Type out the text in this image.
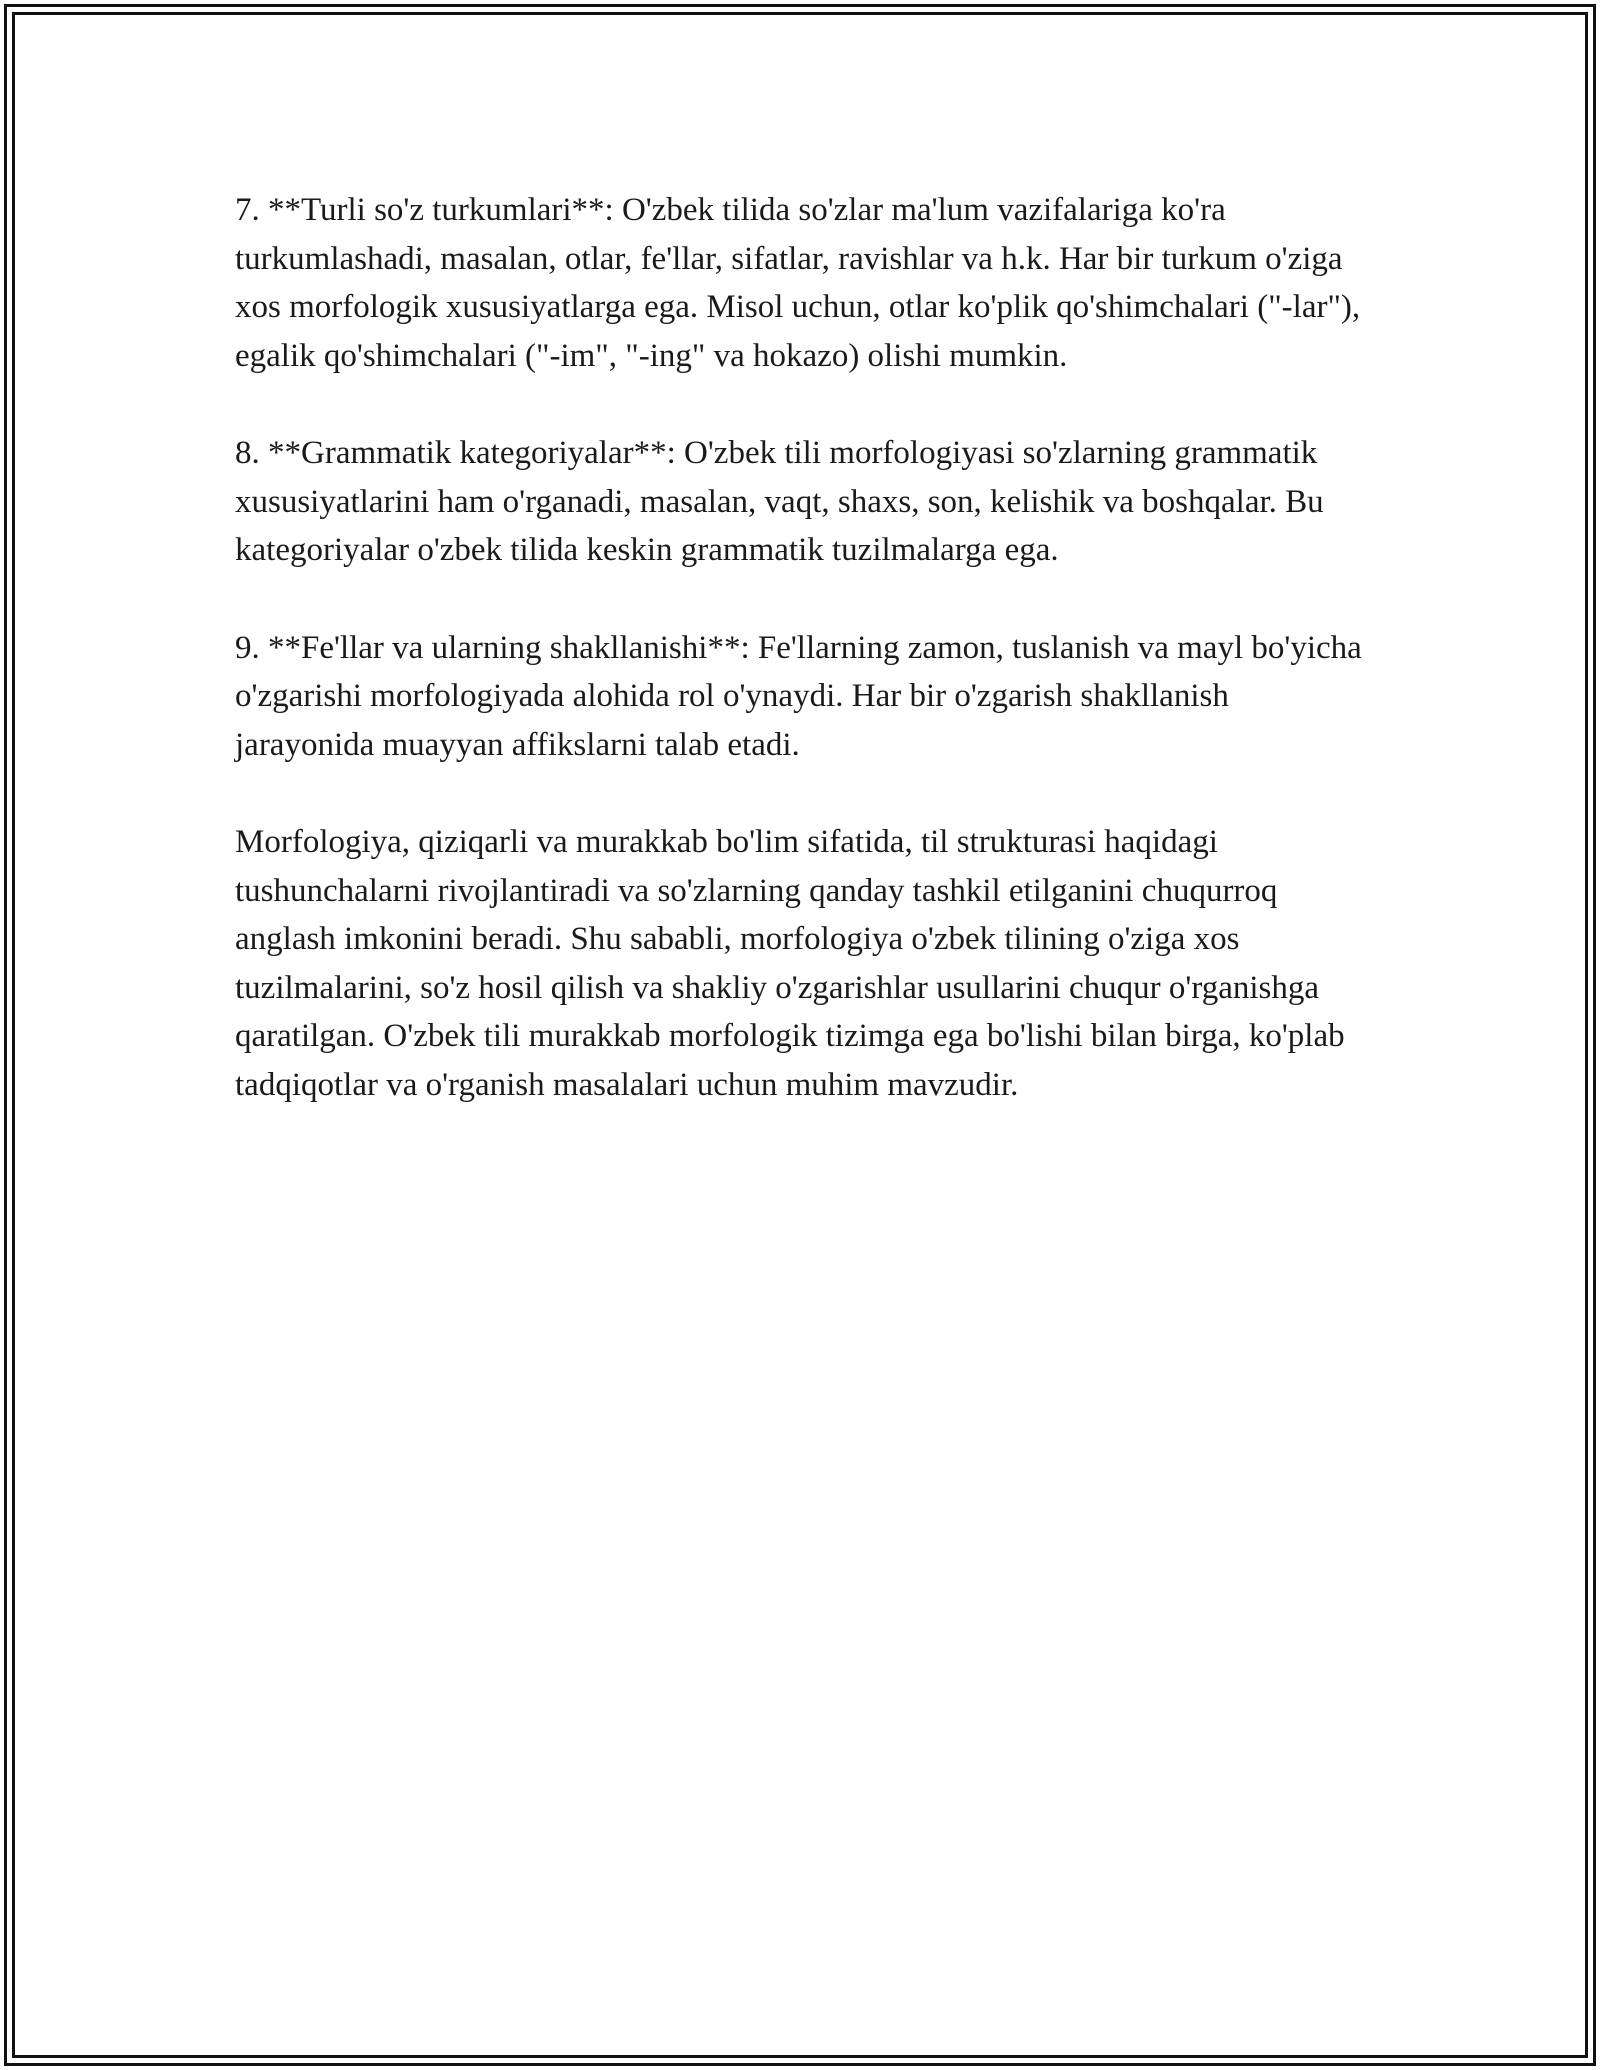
7. **Turli so'z turkumlari**: O'zbek tilida so'zlar ma'lum vazifalariga ko'ra turkumlashadi, masalan, otlar, fe'llar, sifatlar, ravishlar va h.k. Har bir turkum o'ziga xos morfologik xususiyatlarga ega. Misol uchun, otlar ko'plik qo'shimchalari ("-lar"), egalik qo'shimchalari ("-im", "-ing" va hokazo) olishi mumkin.

8. **Grammatik kategoriyalar**: O'zbek tili morfologiyasi so'zlarning grammatik xususiyatlarini ham o'rganadi, masalan, vaqt, shaxs, son, kelishik va boshqalar. Bu kategoriyalar o'zbek tilida keskin grammatik tuzilmalarga ega.

9. **Fe'llar va ularning shakllanishi**: Fe'llarning zamon, tuslanish va mayl bo'yicha o'zgarishi morfologiyada alohida rol o'ynaydi. Har bir o'zgarish shakllanish jarayonida muayyan affikslarni talab etadi.

Morfologiya, qiziqarli va murakkab bo'lim sifatida, til strukturasi haqidagi tushunchalarni rivojlantiradi va so'zlarning qanday tashkil etilganini chuqurroq anglash imkonini beradi. Shu sababli, morfologiya o'zbek tilining o'ziga xos tuzilmalarini, so'z hosil qilish va shakliy o'zgarishlar usullarini chuqur o'rganishga qaratilgan. O'zbek tili murakkab morfologik tizimga ega bo'lishi bilan birga, ko'plab tadqiqotlar va o'rganish masalalari uchun muhim mavzudir.
